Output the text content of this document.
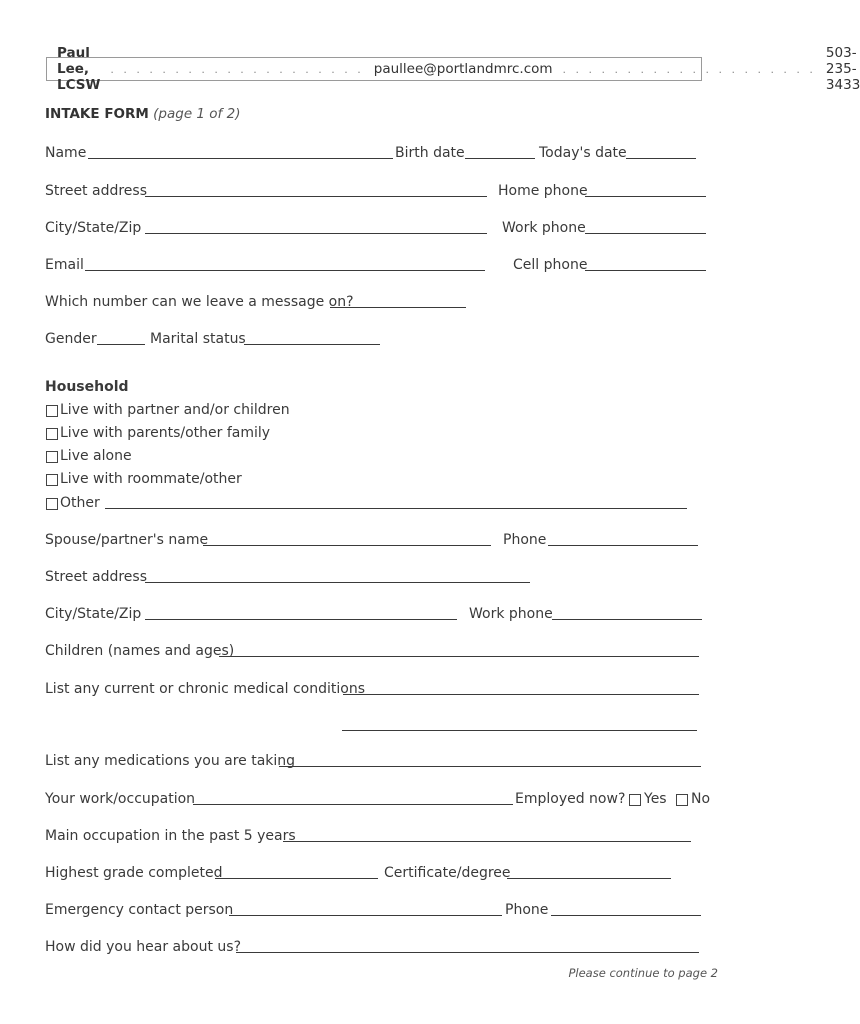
Paul Lee, LCSW
. . . . . . . . . . . . . . . . . . . . paullee@portlandmrc.com . . . . . . . . . . . . . . . . . . . .
503-235-3433
INTAKE FORM (page 1 of 2)
Name	Birth date	Today's date
Street address	Home phone
City/State/Zip	Work phone
Email	Cell phone
Which number can we leave a message on?
Gender	Marital status
Household
Live with partner and/or children
Live with parents/other family
Live alone
Live with roommate/other
Other
Spouse/partner's name	Phone
Street address
City/State/Zip	Work phone
Children (names and ages)
List any current or chronic medical conditions
List any medications you are taking
Your work/occupation	Employed now? Yes No
Main occupation in the past 5 years
Highest grade completed	Certificate/degree
Emergency contact person	Phone
How did you hear about us?
Please continue to page 2
